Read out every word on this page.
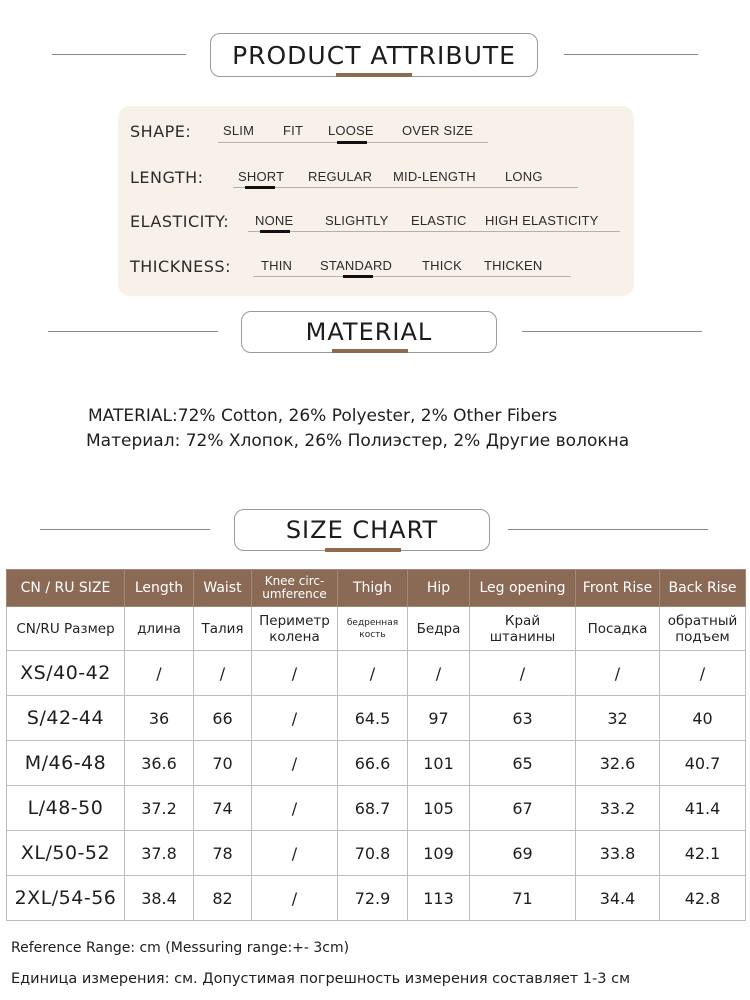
PRODUCT ATTRIBUTE
SHAPE: SLIM FIT LOOSE OVER SIZE
LENGTH:	SHORT REGULAR MID-LENGTH LONG
ELASTICITY: NONE SLIGHTLY ELASTIC HIGH ELASTICITY
THICKNESS: THIN STANDARD THICK THICKEN
MATERIAL
MATERIAL:72% Cotton, 26% Polyester, 2% Other Fibers
Материал: 72% Хлопок, 26% Полиэстер, 2% Другие волокна
SIZE CHART
CN / RU SIZE	Length	Waist	Knee circ-umference	Thigh	Hip	Leg opening	Front Rise	Back Rise
CN/RU Размер	длина	Талия	Периметр колена	бедренная кость	Бедра	Край штанины	Посадка	обратный подъем
XS/40-42	/	/	/	/	/	/	/	/
S/42-44	36	66	/	64.5	97	63	32	40
M/46-48	36.6	70	/	66.6	101	65	32.6	40.7
L/48-50	37.2	74	/	68.7	105	67	33.2	41.4
XL/50-52	37.8	78	/	70.8	109	69	33.8	42.1
2XL/54-56	38.4	82	/	72.9	113	71	34.4	42.8
Reference Range: cm (Messuring range:+- 3cm)
Единица измерения: см. Допустимая погрешность измерения составляет 1-3 см
